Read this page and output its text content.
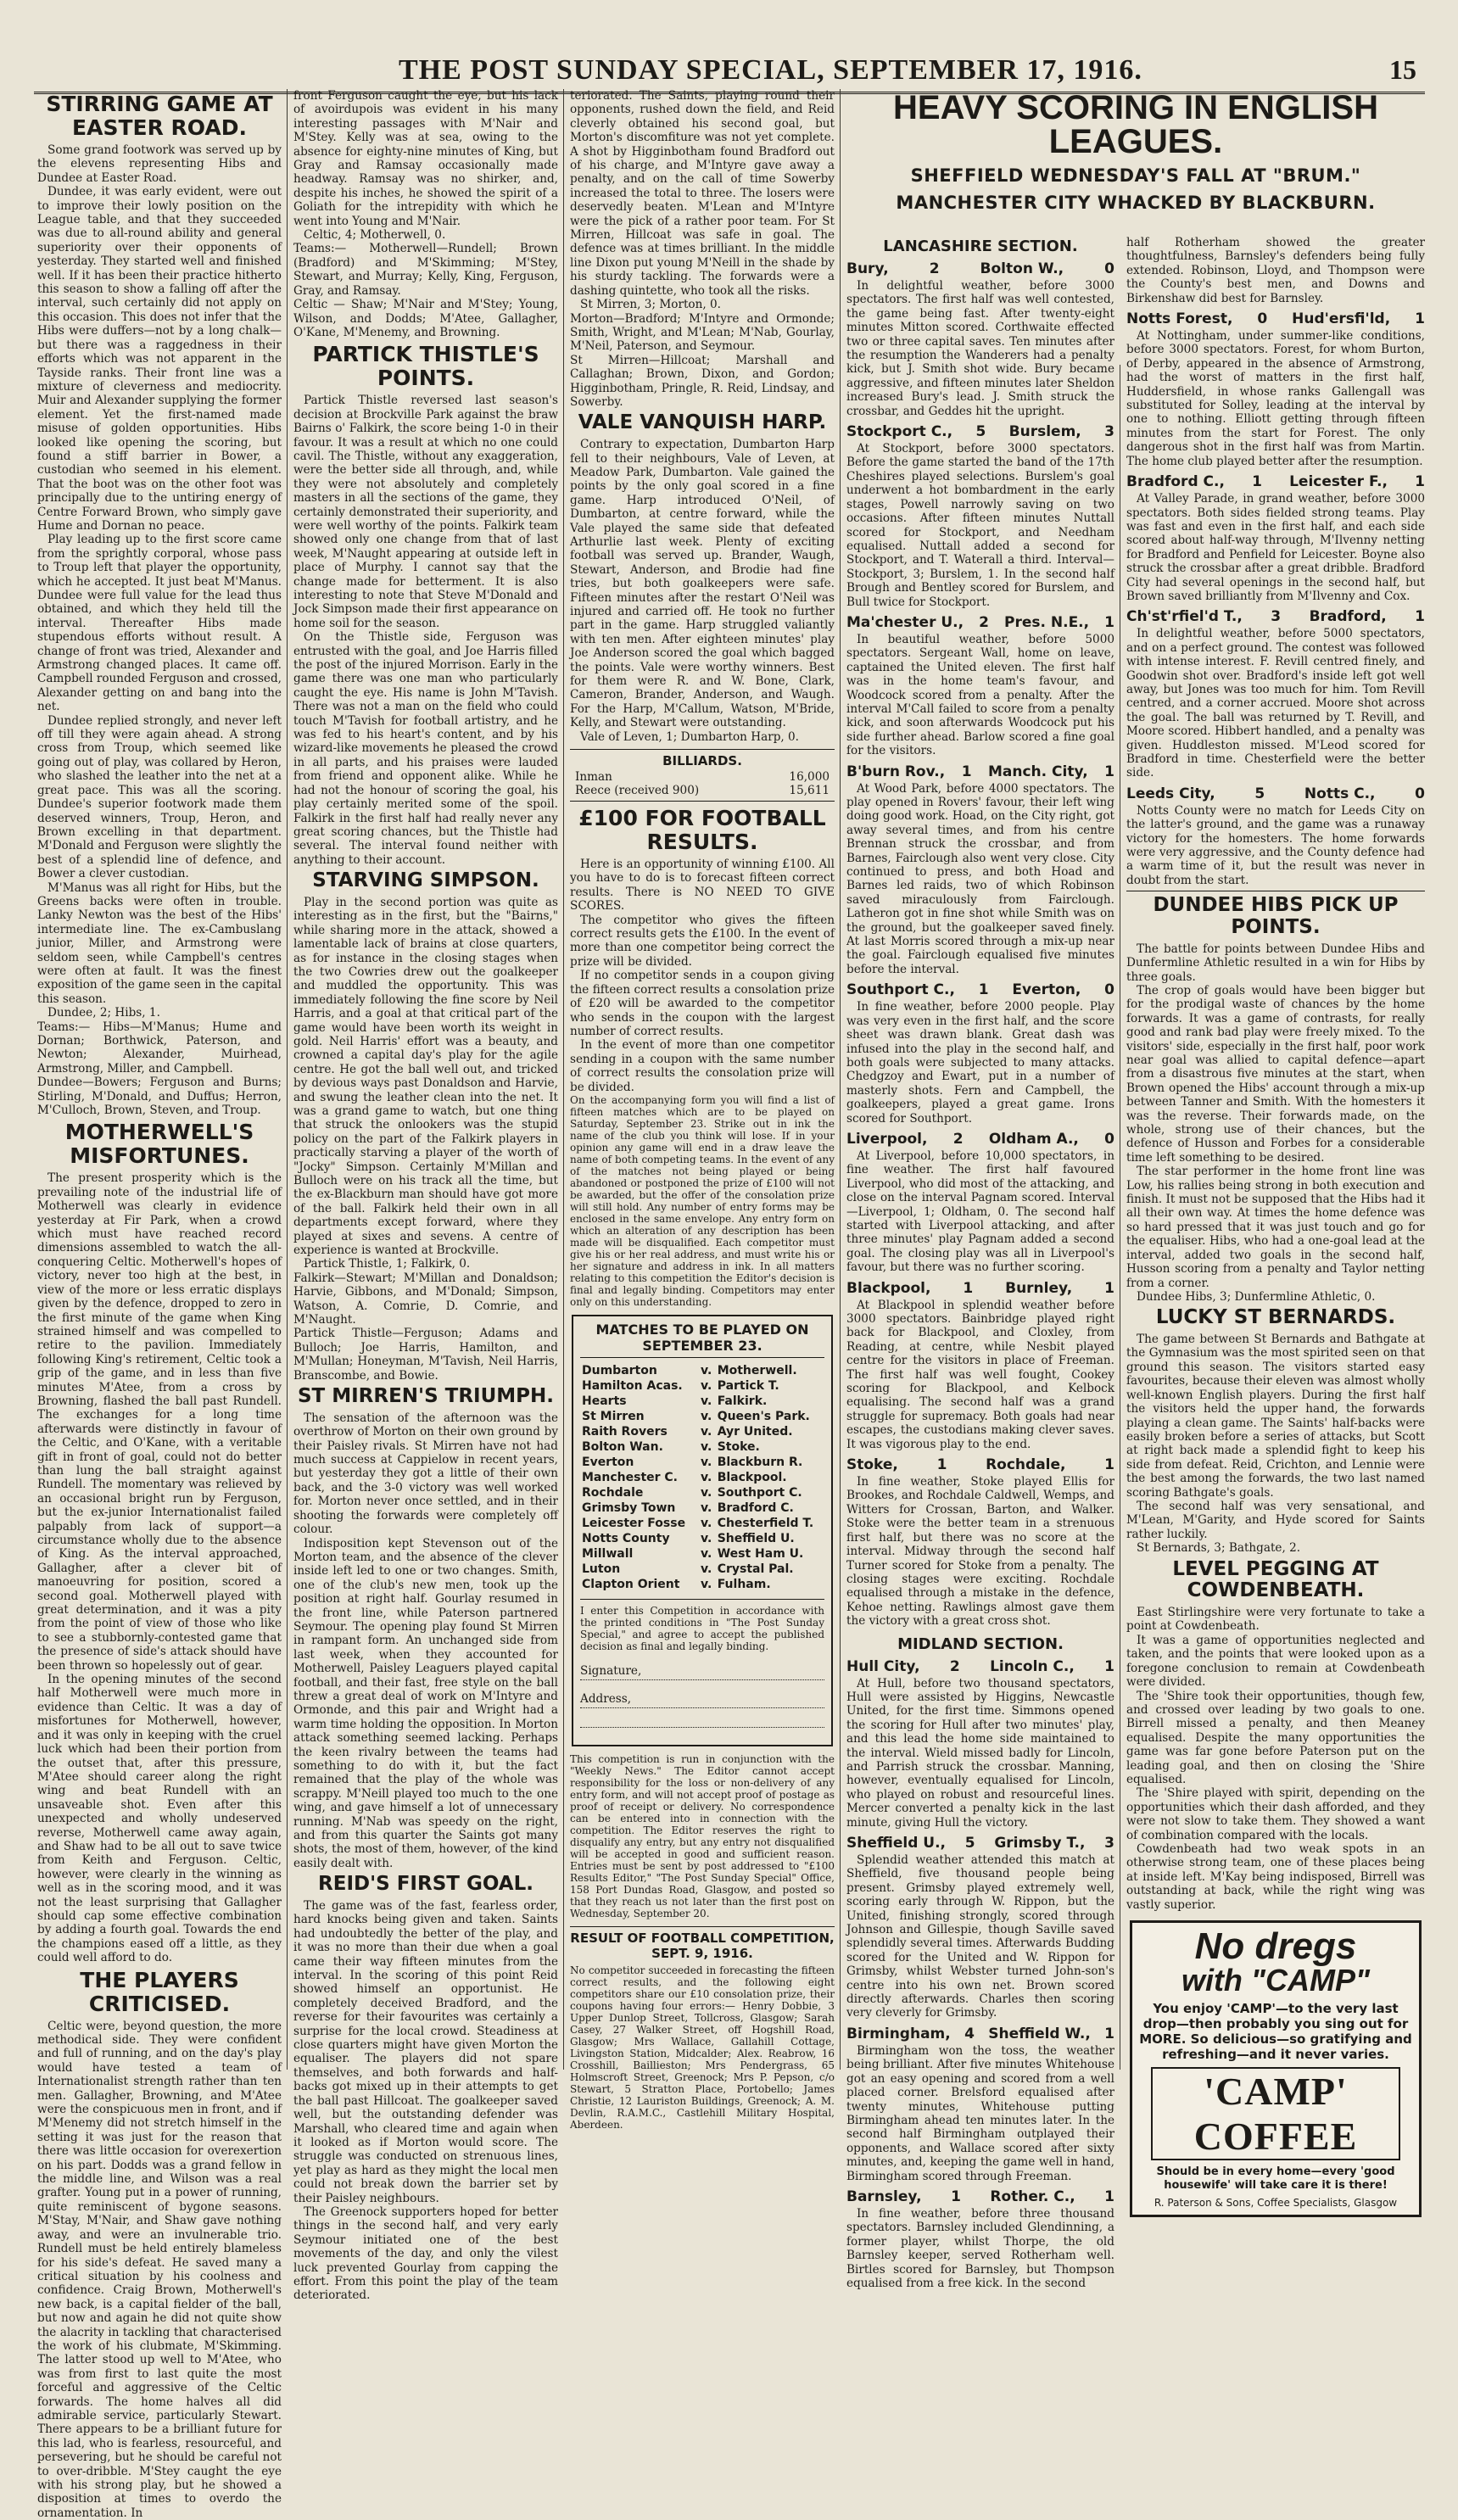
THE POST SUNDAY SPECIAL, SEPTEMBER 17, 1916.	15
STIRRING GAME AT EASTER ROAD.

Some grand footwork was served up by the elevens representing Hibs and Dundee at Easter Road.

Dundee, it was early evident, were out to improve their lowly position on the League table, and that they succeeded was due to all-round ability and general superiority over their opponents of yesterday. They started well and finished well. If it has been their practice hitherto this season to show a falling off after the interval, such certainly did not apply on this occasion. This does not infer that the Hibs were duffers—not by a long chalk—but there was a raggedness in their efforts which was not apparent in the Tayside ranks. Their front line was a mixture of cleverness and mediocrity. Muir and Alexander supplying the former element. Yet the first-named made misuse of golden opportunities. Hibs looked like opening the scoring, but found a stiff barrier in Bower, a custodian who seemed in his element. That the boot was on the other foot was principally due to the untiring energy of Centre Forward Brown, who simply gave Hume and Dornan no peace.

Play leading up to the first score came from the sprightly corporal, whose pass to Troup left that player the opportunity, which he accepted. It just beat M'Manus. Dundee were full value for the lead thus obtained, and which they held till the interval. Thereafter Hibs made stupendous efforts without result. A change of front was tried, Alexander and Armstrong changed places. It came off. Campbell rounded Ferguson and crossed, Alexander getting on and bang into the net.

Dundee replied strongly, and never left off till they were again ahead. A strong cross from Troup, which seemed like going out of play, was collared by Heron, who slashed the leather into the net at a great pace. This was all the scoring. Dundee's superior footwork made them deserved winners, Troup, Heron, and Brown excelling in that department. M'Donald and Ferguson were slightly the best of a splendid line of defence, and Bower a clever custodian.

M'Manus was all right for Hibs, but the Greens backs were often in trouble. Lanky Newton was the best of the Hibs' intermediate line. The ex-Cambuslang junior, Miller, and Armstrong were seldom seen, while Campbell's centres were often at fault. It was the finest exposition of the game seen in the capital this season.

Dundee, 2; Hibs, 1.

Teams:— Hibs—M'Manus; Hume and Dornan; Borthwick, Paterson, and Newton; Alexander, Muirhead, Armstrong, Miller, and Campbell.

Dundee—Bowers; Ferguson and Burns; Stirling, M'Donald, and Duffus; Herron, M'Culloch, Brown, Steven, and Troup.

MOTHERWELL'S MISFORTUNES.

The present prosperity which is the prevailing note of the industrial life of Motherwell was clearly in evidence yesterday at Fir Park, when a crowd which must have reached record dimensions assembled to watch the all-conquering Celtic. Motherwell's hopes of victory, never too high at the best, in view of the more or less erratic displays given by the defence, dropped to zero in the first minute of the game when King strained himself and was compelled to retire to the pavilion. Immediately following King's retirement, Celtic took a grip of the game, and in less than five minutes M'Atee, from a cross by Browning, flashed the ball past Rundell. The exchanges for a long time afterwards were distinctly in favour of the Celtic, and O'Kane, with a veritable gift in front of goal, could not do better than lung the ball straight against Rundell. The momentary was relieved by an occasional bright run by Ferguson, but the ex-junior Internationalist failed palpably from lack of support—a circumstance wholly due to the absence of King. As the interval approached, Gallagher, after a clever bit of manoeuvring for position, scored a second goal. Motherwell played with great determination, and it was a pity from the point of view of those who like to see a stubbornly-contested game that the presence of side's attack should have been thrown so hopelessly out of gear.

In the opening minutes of the second half Motherwell were much more in evidence than Celtic. It was a day of misfortunes for Motherwell, however, and it was only in keeping with the cruel luck which had been their portion from the outset that, after this pressure, M'Atee should career along the right wing and beat Rundell with an unsaveable shot. Even after this unexpected and wholly undeserved reverse, Motherwell came away again, and Shaw had to be all out to save twice from Keith and Ferguson. Celtic, however, were clearly in the winning as well as in the scoring mood, and it was not the least surprising that Gallagher should cap some effective combination by adding a fourth goal. Towards the end the champions eased off a little, as they could well afford to do.

THE PLAYERS CRITICISED.

Celtic were, beyond question, the more methodical side. They were confident and full of running, and on the day's play would have tested a team of Internationalist strength rather than ten men. Gallagher, Browning, and M'Atee were the conspicuous men in front, and if M'Menemy did not stretch himself in the setting it was just for the reason that there was little occasion for overexertion on his part. Dodds was a grand fellow in the middle line, and Wilson was a real grafter. Young put in a power of running, quite reminiscent of bygone seasons. M'Stay, M'Nair, and Shaw gave nothing away, and were an invulnerable trio. Rundell must be held entirely blameless for his side's defeat. He saved many a critical situation by his coolness and confidence. Craig Brown, Motherwell's new back, is a capital fielder of the ball, but now and again he did not quite show the alacrity in tackling that characterised the work of his clubmate, M'Skimming. The latter stood up well to M'Atee, who was from first to last quite the most forceful and aggressive of the Celtic forwards. The home halves all did admirable service, particularly Stewart. There appears to be a brilliant future for this lad, who is fearless, resourceful, and persevering, but he should be careful not to over-dribble. M'Stey caught the eye with his strong play, but he showed a disposition at times to overdo the ornamentation. In

front Ferguson caught the eye, but his lack of avoirdupois was evident in his many interesting passages with M'Nair and M'Stey. Kelly was at sea, owing to the absence for eighty-nine minutes of King, but Gray and Ramsay occasionally made headway. Ramsay was no shirker, and, despite his inches, he showed the spirit of a Goliath for the intrepidity with which he went into Young and M'Nair.

Celtic, 4; Motherwell, 0.

Teams:— Motherwell—Rundell; Brown (Bradford) and M'Skimming; M'Stey, Stewart, and Murray; Kelly, King, Ferguson, Gray, and Ramsay.

Celtic — Shaw; M'Nair and M'Stey; Young, Wilson, and Dodds; M'Atee, Gallagher, O'Kane, M'Menemy, and Browning.

PARTICK THISTLE'S POINTS.

Partick Thistle reversed last season's decision at Brockville Park against the braw Bairns o' Falkirk, the score being 1-0 in their favour. It was a result at which no one could cavil. The Thistle, without any exaggeration, were the better side all through, and, while they were not absolutely and completely masters in all the sections of the game, they certainly demonstrated their superiority, and were well worthy of the points. Falkirk team showed only one change from that of last week, M'Naught appearing at outside left in place of Murphy. I cannot say that the change made for betterment. It is also interesting to note that Steve M'Donald and Jock Simpson made their first appearance on home soil for the season.

On the Thistle side, Ferguson was entrusted with the goal, and Joe Harris filled the post of the injured Morrison. Early in the game there was one man who particularly caught the eye. His name is John M'Tavish. There was not a man on the field who could touch M'Tavish for football artistry, and he was fed to his heart's content, and by his wizard-like movements he pleased the crowd in all parts, and his praises were lauded from friend and opponent alike. While he had not the honour of scoring the goal, his play certainly merited some of the spoil. Falkirk in the first half had really never any great scoring chances, but the Thistle had several. The interval found neither with anything to their account.

STARVING SIMPSON.

Play in the second portion was quite as interesting as in the first, but the "Bairns," while sharing more in the attack, showed a lamentable lack of brains at close quarters, as for instance in the closing stages when the two Cowries drew out the goalkeeper and muddled the opportunity. This was immediately following the fine score by Neil Harris, and a goal at that critical part of the game would have been worth its weight in gold. Neil Harris' effort was a beauty, and crowned a capital day's play for the agile centre. He got the ball well out, and tricked by devious ways past Donaldson and Harvie, and swung the leather clean into the net. It was a grand game to watch, but one thing that struck the onlookers was the stupid policy on the part of the Falkirk players in practically starving a player of the worth of "Jocky" Simpson. Certainly M'Millan and Bulloch were on his track all the time, but the ex-Blackburn man should have got more of the ball. Falkirk held their own in all departments except forward, where they played at sixes and sevens. A centre of experience is wanted at Brockville.

Partick Thistle, 1; Falkirk, 0.

Falkirk—Stewart; M'Millan and Donaldson; Harvie, Gibbons, and M'Donald; Simpson, Watson, A. Comrie, D. Comrie, and M'Naught.

Partick Thistle—Ferguson; Adams and Bulloch; Joe Harris, Hamilton, and M'Mullan; Honeyman, M'Tavish, Neil Harris, Branscombe, and Bowie.

ST MIRREN'S TRIUMPH.

The sensation of the afternoon was the overthrow of Morton on their own ground by their Paisley rivals. St Mirren have not had much success at Cappielow in recent years, but yesterday they got a little of their own back, and the 3-0 victory was well worked for. Morton never once settled, and in their shooting the forwards were completely off colour.

Indisposition kept Stevenson out of the Morton team, and the absence of the clever inside left led to one or two changes. Smith, one of the club's new men, took up the position at right half. Gourlay resumed in the front line, while Paterson partnered Seymour. The opening play found St Mirren in rampant form. An unchanged side from last week, when they accounted for Motherwell, Paisley Leaguers played capital football, and their fast, free style on the ball threw a great deal of work on M'Intyre and Ormonde, and this pair and Wright had a warm time holding the opposition. In Morton attack something seemed lacking. Perhaps the keen rivalry between the teams had something to do with it, but the fact remained that the play of the whole was scrappy. M'Neill played too much to the one wing, and gave himself a lot of unnecessary running. M'Nab was speedy on the right, and from this quarter the Saints got many shots, the most of them, however, of the kind easily dealt with.

REID'S FIRST GOAL.

The game was of the fast, fearless order, hard knocks being given and taken. Saints had undoubtedly the better of the play, and it was no more than their due when a goal came their way fifteen minutes from the interval. In the scoring of this point Reid showed himself an opportunist. He completely deceived Bradford, and the reverse for their favourites was certainly a surprise for the local crowd. Steadiness at close quarters might have given Morton the equaliser. The players did not spare themselves, and both forwards and half-backs got mixed up in their attempts to get the ball past Hillcoat. The goalkeeper saved well, but the outstanding defender was Marshall, who cleared time and again when it looked as if Morton would score. The struggle was conducted on strenuous lines, yet play as hard as they might the local men could not break down the barrier set by their Paisley neighbours.

The Greenock supporters hoped for better things in the second half, and very early Seymour initiated one of the best movements of the day, and only the vilest luck prevented Gourlay from capping the effort. From this point the play of the team deteriorated.

teriorated. The Saints, playing round their opponents, rushed down the field, and Reid cleverly obtained his second goal, but Morton's discomfiture was not yet complete. A shot by Higginbotham found Bradford out of his charge, and M'Intyre gave away a penalty, and on the call of time Sowerby increased the total to three. The losers were deservedly beaten. M'Lean and M'Intyre were the pick of a rather poor team. For St Mirren, Hillcoat was safe in goal. The defence was at times brilliant. In the middle line Dixon put young M'Neill in the shade by his sturdy tackling. The forwards were a dashing quintette, who took all the risks.

St Mirren, 3; Morton, 0.

Morton—Bradford; M'Intyre and Ormonde; Smith, Wright, and M'Lean; M'Nab, Gourlay, M'Neil, Paterson, and Seymour.

St Mirren—Hillcoat; Marshall and Callaghan; Brown, Dixon, and Gordon; Higginbotham, Pringle, R. Reid, Lindsay, and Sowerby.

VALE VANQUISH HARP.

Contrary to expectation, Dumbarton Harp fell to their neighbours, Vale of Leven, at Meadow Park, Dumbarton. Vale gained the points by the only goal scored in a fine game. Harp introduced O'Neil, of Dumbarton, at centre forward, while the Vale played the same side that defeated Arthurlie last week. Plenty of exciting football was served up. Brander, Waugh, Stewart, Anderson, and Brodie had fine tries, but both goalkeepers were safe. Fifteen minutes after the restart O'Neil was injured and carried off. He took no further part in the game. Harp struggled valiantly with ten men. After eighteen minutes' play Joe Anderson scored the goal which bagged the points. Vale were worthy winners. Best for them were R. and W. Bone, Clark, Cameron, Brander, Anderson, and Waugh. For the Harp, M'Callum, Watson, M'Bride, Kelly, and Stewart were outstanding.

Vale of Leven, 1; Dumbarton Harp, 0.

BILLIARDS.
Inman	16,000
Reece (received 900)	15,611
£100 FOR FOOTBALL RESULTS.

Here is an opportunity of winning £100. All you have to do is to forecast fifteen correct results. There is NO NEED TO GIVE SCORES.

The competitor who gives the fifteen correct results gets the £100. In the event of more than one competitor being correct the prize will be divided.

If no competitor sends in a coupon giving the fifteen correct results a consolation prize of £20 will be awarded to the competitor who sends in the coupon with the largest number of correct results.

In the event of more than one competitor sending in a coupon with the same number of correct results the consolation prize will be divided.

On the accompanying form you will find a list of fifteen matches which are to be played on Saturday, September 23. Strike out in ink the name of the club you think will lose. If in your opinion any game will end in a draw leave the name of both competing teams. In the event of any of the matches not being played or being abandoned or postponed the prize of £100 will not be awarded, but the offer of the consolation prize will still hold. Any number of entry forms may be enclosed in the same envelope. Any entry form on which an alteration of any description has been made will be disqualified. Each competitor must give his or her real address, and must write his or her signature and address in ink. In all matters relating to this competition the Editor's decision is final and legally binding. Competitors may enter only on this understanding.

MATCHES TO BE PLAYED ON SEPTEMBER 23.
Dumbarton	v.	Motherwell.
Hamilton Acas.	v.	Partick T.
Hearts	v.	Falkirk.
St Mirren	v.	Queen's Park.
Raith Rovers	v.	Ayr United.
Bolton Wan.	v.	Stoke.
Everton	v.	Blackburn R.
Manchester C.	v.	Blackpool.
Rochdale	v.	Southport C.
Grimsby Town	v.	Bradford C.
Leicester Fosse	v.	Chesterfield T.
Notts County	v.	Sheffield U.
Millwall	v.	West Ham U.
Luton	v.	Crystal Pal.
Clapton Orient	v.	Fulham.

I enter this Competition in accordance with the printed conditions in "The Post Sunday Special," and agree to accept the published decision as final and legally binding.

Signature,
Address,

This competition is run in conjunction with the "Weekly News." The Editor cannot accept responsibility for the loss or non-delivery of any entry form, and will not accept proof of postage as proof of receipt or delivery. No correspondence can be entered into in connection with the competition. The Editor reserves the right to disqualify any entry, but any entry not disqualified will be accepted in good and sufficient reason. Entries must be sent by post addressed to "£100 Results Editor," "The Post Sunday Special" Office, 158 Port Dundas Road, Glasgow, and posted so that they reach us not later than the first post on Wednesday, September 20.

RESULT OF FOOTBALL COMPETITION, SEPT. 9, 1916.

No competitor succeeded in forecasting the fifteen correct results, and the following eight competitors share our £10 consolation prize, their coupons having four errors:— Henry Dobbie, 3 Upper Dunlop Street, Tollcross, Glasgow; Sarah Casey, 27 Walker Street, off Hogshill Road, Glasgow; Mrs Wallace, Gallahill Cottage, Livingston Station, Midcalder; Alex. Reabrow, 16 Crosshill, Baillieston; Mrs Pendergrass, 65 Holmscroft Street, Greenock; Mrs P. Pepson, c/o Stewart, 5 Stratton Place, Portobello; James Christie, 12 Lauriston Buildings, Greenock; A. M. Devlin, R.A.M.C., Castlehill Military Hospital, Aberdeen.

HEAVY SCORING IN ENGLISH LEAGUES.
SHEFFIELD WEDNESDAY'S FALL AT "BRUM."
MANCHESTER CITY WHACKED BY BLACKBURN.
LANCASHIRE SECTION.
Bury,	2	Bolton W.,	0

In delightful weather, before 3000 spectators. The first half was well contested, the game being fast. After twenty-eight minutes Mitton scored. Corthwaite effected two or three capital saves. Ten minutes after the resumption the Wanderers had a penalty kick, but J. Smith shot wide. Bury became aggressive, and fifteen minutes later Sheldon increased Bury's lead. J. Smith struck the crossbar, and Geddes hit the upright.

Stockport C., 5 Burslem, 3

At Stockport, before 3000 spectators. Before the game started the band of the 17th Cheshires played selections. Burslem's goal underwent a hot bombardment in the early stages, Powell narrowly saving on two occasions. After fifteen minutes Nuttall scored for Stockport, and Needham equalised. Nuttall added a second for Stockport, and T. Waterall a third. Interval—Stockport, 3; Burslem, 1. In the second half Brough and Bentley scored for Burslem, and Bull twice for Stockport.

Ma'chester U., 2 Pres. N.E., 1

In beautiful weather, before 5000 spectators. Sergeant Wall, home on leave, captained the United eleven. The first half was in the home team's favour, and Woodcock scored from a penalty. After the interval M'Call failed to score from a penalty kick, and soon afterwards Woodcock put his side further ahead. Barlow scored a fine goal for the visitors.

B'burn Rov., 1 Manch. City, 1

At Wood Park, before 4000 spectators. The play opened in Rovers' favour, their left wing doing good work. Hoad, on the City right, got away several times, and from his centre Brennan struck the crossbar, and from Barnes, Fairclough also went very close. City continued to press, and both Hoad and Barnes led raids, two of which Robinson saved miraculously from Fairclough. Latheron got in fine shot while Smith was on the ground, but the goalkeeper saved finely. At last Morris scored through a mix-up near the goal. Fairclough equalised five minutes before the interval.

Southport C., 1 Everton, 0

In fine weather, before 2000 people. Play was very even in the first half, and the score sheet was drawn blank. Great dash was infused into the play in the second half, and both goals were subjected to many attacks. Chedgzoy and Ewart, put in a number of masterly shots. Fern and Campbell, the goalkeepers, played a great game. Irons scored for Southport.

Liverpool, 2 Oldham A., 0

At Liverpool, before 10,000 spectators, in fine weather. The first half favoured Liverpool, who did most of the attacking, and close on the interval Pagnam scored. Interval—Liverpool, 1; Oldham, 0. The second half started with Liverpool attacking, and after three minutes' play Pagnam added a second goal. The closing play was all in Liverpool's favour, but there was no further scoring.

Blackpool, 1 Burnley, 1

At Blackpool in splendid weather before 3000 spectators. Bainbridge played right back for Blackpool, and Cloxley, from Reading, at centre, while Nesbit played centre for the visitors in place of Freeman. The first half was well fought, Cookey scoring for Blackpool, and Kelbock equalising. The second half was a grand struggle for supremacy. Both goals had near escapes, the custodians making clever saves. It was vigorous play to the end.

Stoke,	1	Rochdale,	1

In fine weather, Stoke played Ellis for Brookes, and Rochdale Caldwell, Wemps, and Witters for Crossan, Barton, and Walker. Stoke were the better team in a strenuous first half, but there was no score at the interval. Midway through the second half Turner scored for Stoke from a penalty. The closing stages were exciting. Rochdale equalised through a mistake in the defence, Kehoe netting. Rawlings almost gave them the victory with a great cross shot.

MIDLAND SECTION.
Hull City, 2 Lincoln C., 1

At Hull, before two thousand spectators, Hull were assisted by Higgins, Newcastle United, for the first time. Simmons opened the scoring for Hull after two minutes' play, and this lead the home side maintained to the interval. Wield missed badly for Lincoln, and Parrish struck the crossbar. Manning, however, eventually equalised for Lincoln, who played on robust and resourceful lines. Mercer converted a penalty kick in the last minute, giving Hull the victory.

Sheffield U., 5 Grimsby T., 3

Splendid weather attended this match at Sheffield, five thousand people being present. Grimsby played extremely well, scoring early through W. Rippon, but the United, finishing strongly, scored through Johnson and Gillespie, though Saville saved splendidly several times. Afterwards Budding scored for the United and W. Rippon for Grimsby, whilst Webster turned John-son's centre into his own net. Brown scored directly afterwards. Charles then scoring very cleverly for Grimsby.

Birmingham, 4 Sheffield W., 1

Birmingham won the toss, the weather being brilliant. After five minutes Whitehouse got an easy opening and scored from a well placed corner. Brelsford equalised after twenty minutes, Whitehouse putting Birmingham ahead ten minutes later. In the second half Birmingham outplayed their opponents, and Wallace scored after sixty minutes, and, keeping the game well in hand, Birmingham scored through Freeman.

Barnsley, 1 Rother. C., 1

In fine weather, before three thousand spectators. Barnsley included Glendinning, a former player, whilst Thorpe, the old Barnsley keeper, served Rotherham well. Birtles scored for Barnsley, but Thompson equalised from a free kick. In the second

half Rotherham showed the greater thoughtfulness, Barnsley's defenders being fully extended. Robinson, Lloyd, and Thompson were the County's best men, and Downs and Birkenshaw did best for Barnsley.

Notts Forest, 0 Hud'ersfi'ld, 1

At Nottingham, under summer-like conditions, before 3000 spectators. Forest, for whom Burton, of Derby, appeared in the absence of Armstrong, had the worst of matters in the first half, Huddersfield, in whose ranks Gallengall was substituted for Solley, leading at the interval by one to nothing. Elliott getting through fifteen minutes from the start for Forest. The only dangerous shot in the first half was from Martin. The home club played better after the resumption.

Bradford C., 1 Leicester F., 1

At Valley Parade, in grand weather, before 3000 spectators. Both sides fielded strong teams. Play was fast and even in the first half, and each side scored about half-way through, M'Ilvenny netting for Bradford and Penfield for Leicester. Boyne also struck the crossbar after a great dribble. Bradford City had several openings in the second half, but Brown saved brilliantly from M'Ilvenny and Cox.

Ch'st'rfiel'd T., 3 Bradford, 1

In delightful weather, before 5000 spectators, and on a perfect ground. The contest was followed with intense interest. F. Revill centred finely, and Goodwin shot over. Bradford's inside left got well away, but Jones was too much for him. Tom Revill centred, and a corner accrued. Moore shot across the goal. The ball was returned by T. Revill, and Moore scored. Hibbert handled, and a penalty was given. Huddleston missed. M'Leod scored for Bradford in time. Chesterfield were the better side.

Leeds City,	5	Notts C.,	0

Notts County were no match for Leeds City on the latter's ground, and the game was a runaway victory for the homesters. The home forwards were very aggressive, and the County defence had a warm time of it, but the result was never in doubt from the start.

DUNDEE HIBS PICK UP POINTS.

The battle for points between Dundee Hibs and Dunfermline Athletic resulted in a win for Hibs by three goals.

The crop of goals would have been bigger but for the prodigal waste of chances by the home forwards. It was a game of contrasts, for really good and rank bad play were freely mixed. To the visitors' side, especially in the first half, poor work near goal was allied to capital defence—apart from a disastrous five minutes at the start, when Brown opened the Hibs' account through a mix-up between Tanner and Smith. With the homesters it was the reverse. Their forwards made, on the whole, strong use of their chances, but the defence of Husson and Forbes for a considerable time left something to be desired.

The star performer in the home front line was Low, his rallies being strong in both execution and finish. It must not be supposed that the Hibs had it all their own way. At times the home defence was so hard pressed that it was just touch and go for the equaliser. Hibs, who had a one-goal lead at the interval, added two goals in the second half, Husson scoring from a penalty and Taylor netting from a corner.

Dundee Hibs, 3; Dunfermline Athletic, 0.

LUCKY ST BERNARDS.

The game between St Bernards and Bathgate at the Gymnasium was the most spirited seen on that ground this season. The visitors started easy favourites, because their eleven was almost wholly well-known English players. During the first half the visitors held the upper hand, the forwards playing a clean game. The Saints' half-backs were easily broken before a series of attacks, but Scott at right back made a splendid fight to keep his side from defeat. Reid, Crichton, and Lennie were the best among the forwards, the two last named scoring Bathgate's goals.

The second half was very sensational, and M'Lean, M'Garity, and Hyde scored for Saints rather luckily.

St Bernards, 3; Bathgate, 2.

LEVEL PEGGING AT COWDENBEATH.

East Stirlingshire were very fortunate to take a point at Cowdenbeath.

It was a game of opportunities neglected and taken, and the points that were looked upon as a foregone conclusion to remain at Cowdenbeath were divided.

The 'Shire took their opportunities, though few, and crossed over leading by two goals to one. Birrell missed a penalty, and then Meaney equalised. Despite the many opportunities the game was far gone before Paterson put on the leading goal, and then on closing the 'Shire equalised.

The 'Shire played with spirit, depending on the opportunities which their dash afforded, and they were not slow to take them. They showed a want of combination compared with the locals.

Cowdenbeath had two weak spots in an otherwise strong team, one of these places being at inside left. M'Kay being indisposed, Birrell was outstanding at back, while the right wing was vastly superior.

No dregs
with "CAMP"
You enjoy 'CAMP'—to the very last drop—then probably you sing out for MORE. So delicious—so gratifying and refreshing—and it never varies.
'CAMP' COFFEE
Should be in every home—every 'good housewife' will take care it is there!
R. Paterson & Sons, Coffee Specialists, Glasgow
